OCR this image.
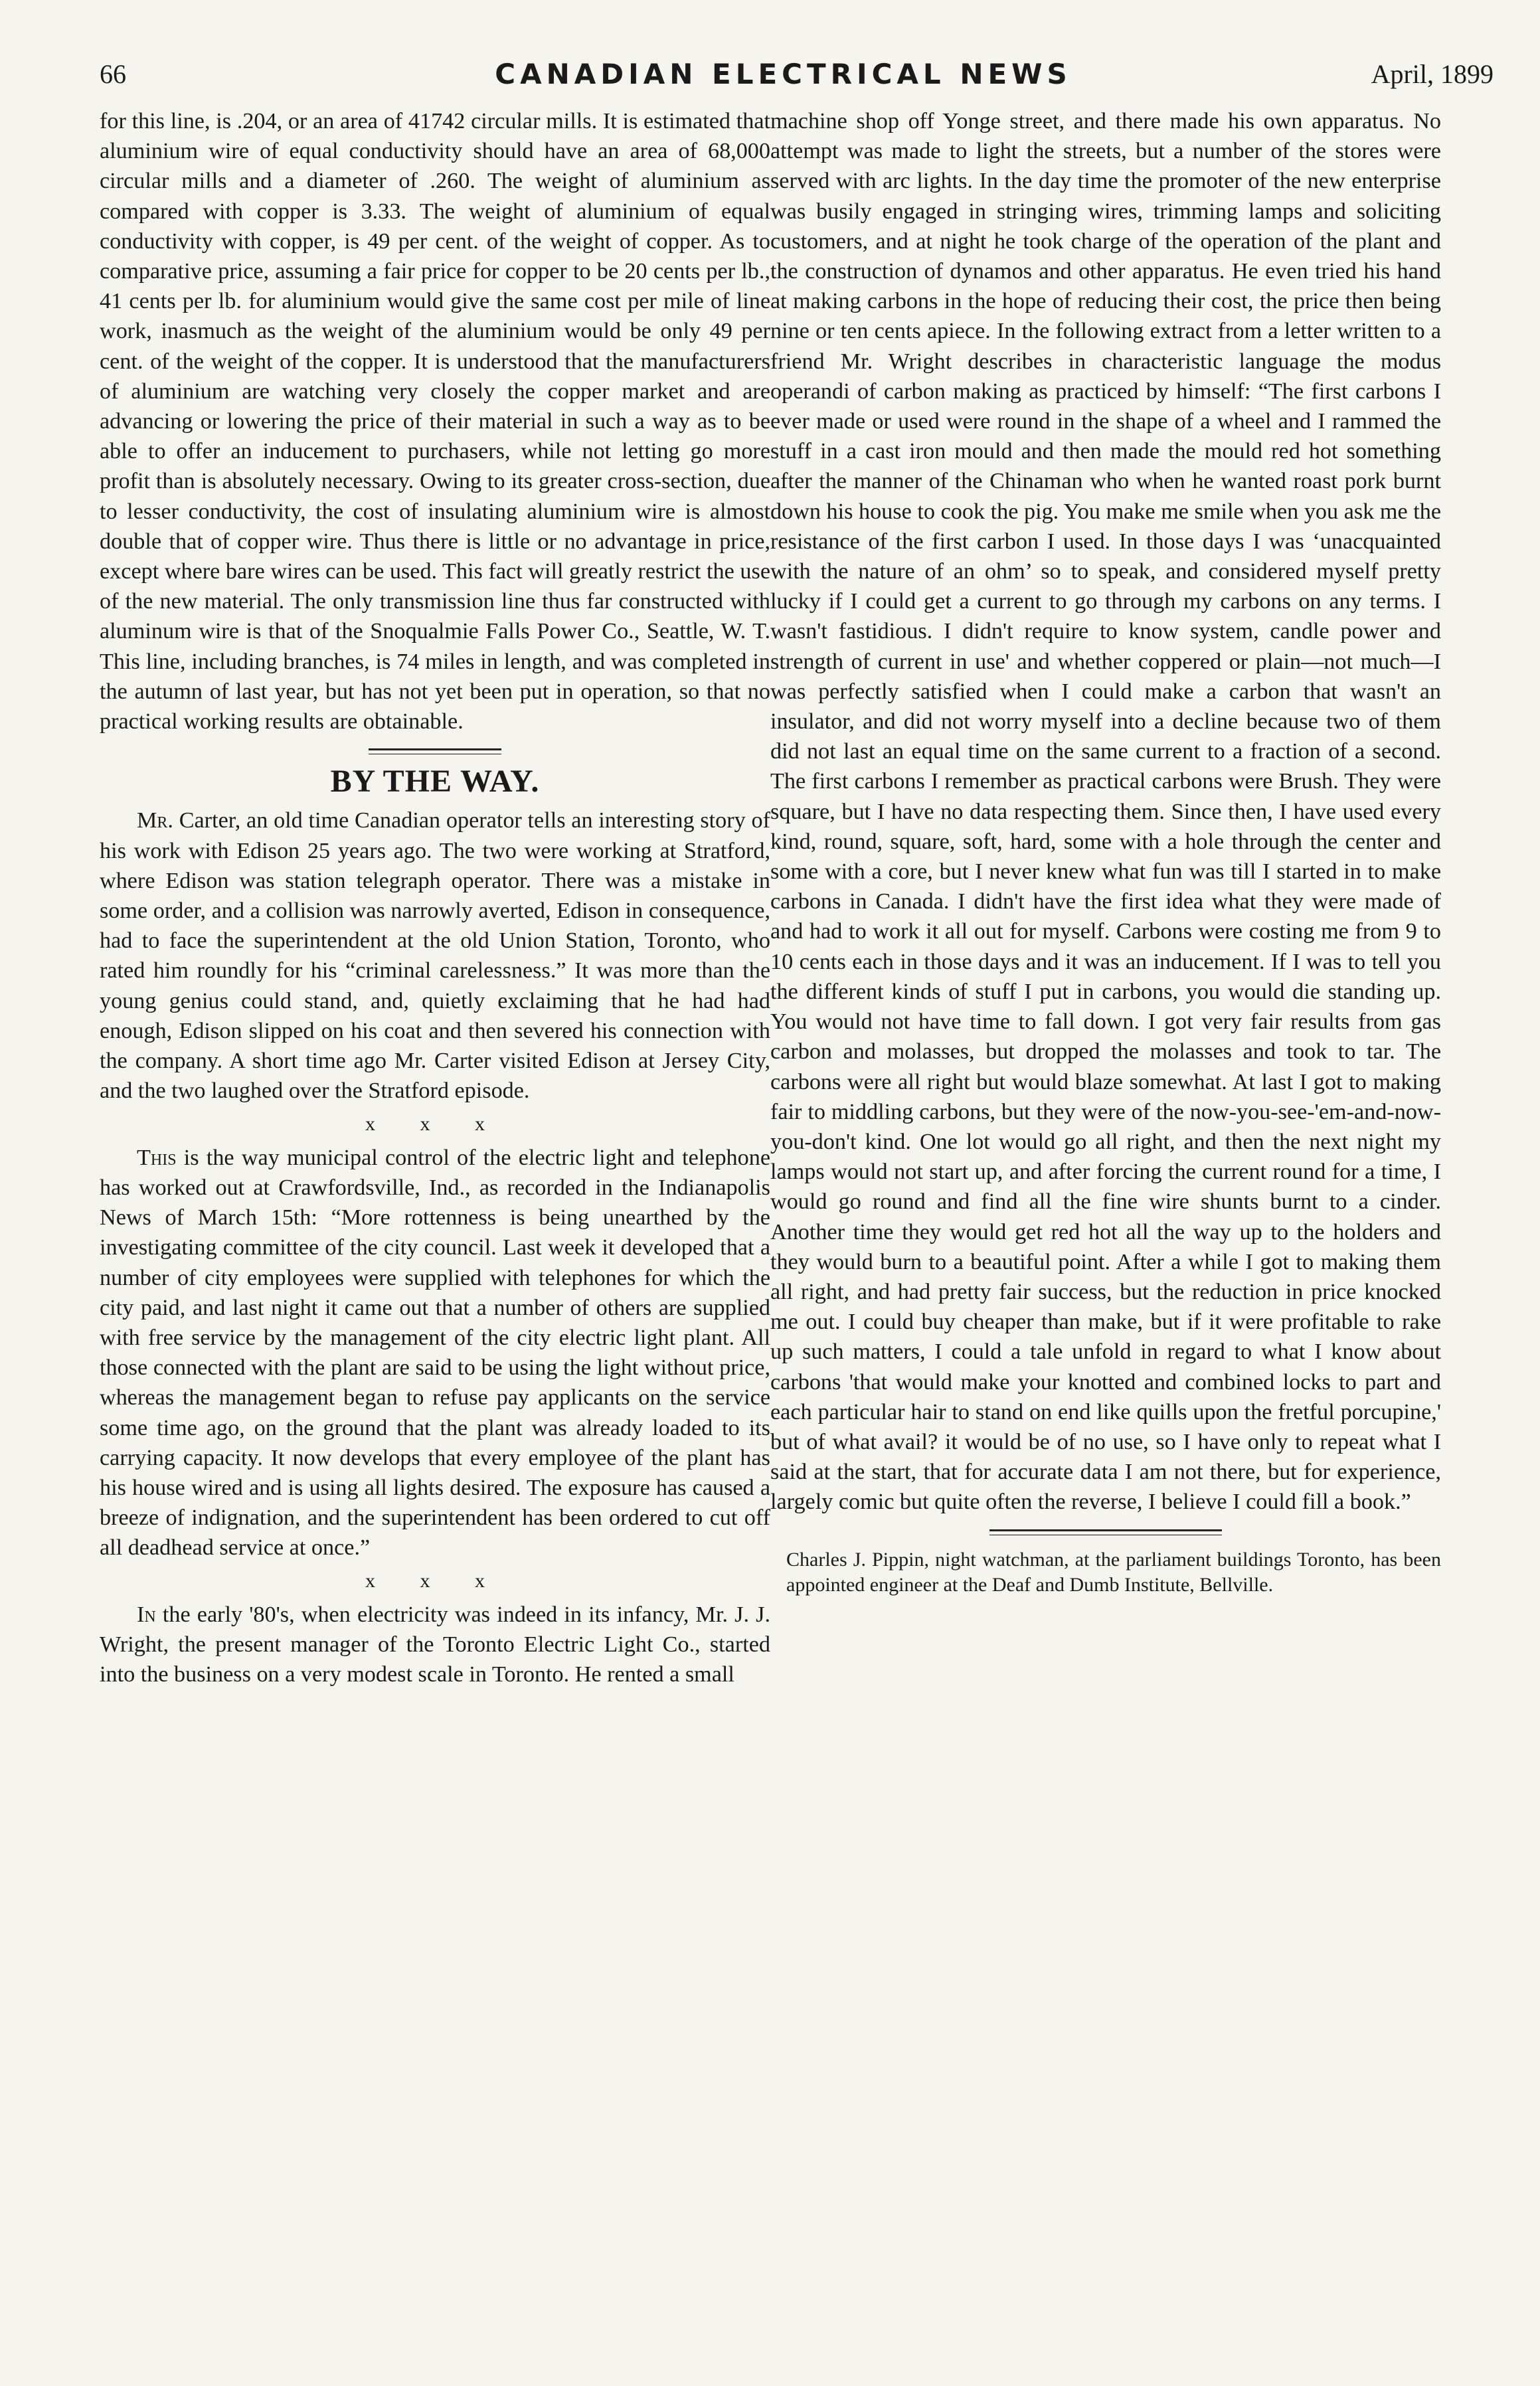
66	CANADIAN ELECTRICAL NEWS	April, 1899

for this line, is .204, or an area of 41742 circular mills. It is estimated that aluminium wire of equal conductivity should have an area of 68,000 circular mills and a diameter of .260. The weight of aluminium as compared with copper is 3.33. The weight of aluminium of equal conductivity with copper, is 49 per cent. of the weight of copper. As to comparative price, assuming a fair price for copper to be 20 cents per lb., 41 cents per lb. for aluminium would give the same cost per mile of line work, inasmuch as the weight of the aluminium would be only 49 per cent. of the weight of the copper. It is understood that the manufacturers of aluminium are watching very closely the copper market and are advancing or lowering the price of their material in such a way as to be able to offer an inducement to purchasers, while not letting go more profit than is absolutely necessary. Owing to its greater cross-section, due to lesser conductivity, the cost of insulating aluminium wire is almost double that of copper wire. Thus there is little or no advantage in price, except where bare wires can be used. This fact will greatly restrict the use of the new material. The only transmission line thus far constructed with aluminum wire is that of the Snoqualmie Falls Power Co., Seattle, W. T. This line, including branches, is 74 miles in length, and was completed in the autumn of last year, but has not yet been put in operation, so that no practical working results are obtainable.

BY THE WAY.

Mr. Carter, an old time Canadian operator tells an interesting story of his work with Edison 25 years ago. The two were working at Stratford, where Edison was station telegraph operator. There was a mistake in some order, and a collision was narrowly averted, Edison in consequence, had to face the superintendent at the old Union Station, Toronto, who rated him roundly for his “criminal carelessness.” It was more than the young genius could stand, and, quietly exclaiming that he had had enough, Edison slipped on his coat and then severed his connection with the company. A short time ago Mr. Carter visited Edison at Jersey City, and the two laughed over the Stratford episode.

x x x

This is the way municipal control of the electric light and telephone has worked out at Crawfordsville, Ind., as recorded in the Indianapolis News of March 15th: “More rottenness is being unearthed by the investigating committee of the city council. Last week it developed that a number of city employees were supplied with telephones for which the city paid, and last night it came out that a number of others are supplied with free service by the management of the city electric light plant. All those connected with the plant are said to be using the light without price, whereas the management began to refuse pay applicants on the service some time ago, on the ground that the plant was already loaded to its carrying capacity. It now develops that every employee of the plant has his house wired and is using all lights desired. The exposure has caused a breeze of indignation, and the superintendent has been ordered to cut off all deadhead service at once.”

x x x

In the early '80's, when electricity was indeed in its infancy, Mr. J. J. Wright, the present manager of the Toronto Electric Light Co., started into the business on a very modest scale in Toronto. He rented a small

machine shop off Yonge street, and there made his own apparatus. No attempt was made to light the streets, but a number of the stores were served with arc lights. In the day time the promoter of the new enterprise was busily engaged in stringing wires, trimming lamps and soliciting customers, and at night he took charge of the operation of the plant and the construction of dynamos and other apparatus. He even tried his hand at making carbons in the hope of reducing their cost, the price then being nine or ten cents apiece. In the following extract from a letter written to a friend Mr. Wright describes in characteristic language the modus operandi of carbon making as practiced by himself: “The first carbons I ever made or used were round in the shape of a wheel and I rammed the stuff in a cast iron mould and then made the mould red hot something after the manner of the Chinaman who when he wanted roast pork burnt down his house to cook the pig. You make me smile when you ask me the resistance of the first carbon I used. In those days I was ‘unacquainted with the nature of an ohm’ so to speak, and considered myself pretty lucky if I could get a current to go through my carbons on any terms. I wasn't fastidious. I didn't require to know system, candle power and strength of current in use' and whether coppered or plain—not much—I was perfectly satisfied when I could make a carbon that wasn't an insulator, and did not worry myself into a decline because two of them did not last an equal time on the same current to a fraction of a second. The first carbons I remember as practical carbons were Brush. They were square, but I have no data respecting them. Since then, I have used every kind, round, square, soft, hard, some with a hole through the center and some with a core, but I never knew what fun was till I started in to make carbons in Canada. I didn't have the first idea what they were made of and had to work it all out for myself. Carbons were costing me from 9 to 10 cents each in those days and it was an inducement. If I was to tell you the different kinds of stuff I put in carbons, you would die standing up. You would not have time to fall down. I got very fair results from gas carbon and molasses, but dropped the molasses and took to tar. The carbons were all right but would blaze somewhat. At last I got to making fair to middling carbons, but they were of the now-you-see-'em-and-now-you-don't kind. One lot would go all right, and then the next night my lamps would not start up, and after forcing the current round for a time, I would go round and find all the fine wire shunts burnt to a cinder. Another time they would get red hot all the way up to the holders and they would burn to a beautiful point. After a while I got to making them all right, and had pretty fair success, but the reduction in price knocked me out. I could buy cheaper than make, but if it were profitable to rake up such matters, I could a tale unfold in regard to what I know about carbons 'that would make your knotted and combined locks to part and each particular hair to stand on end like quills upon the fretful porcupine,' but of what avail? it would be of no use, so I have only to repeat what I said at the start, that for accurate data I am not there, but for experience, largely comic but quite often the reverse, I believe I could fill a book.”

Charles J. Pippin, night watchman, at the parliament buildings Toronto, has been appointed engineer at the Deaf and Dumb Institute, Bellville.
